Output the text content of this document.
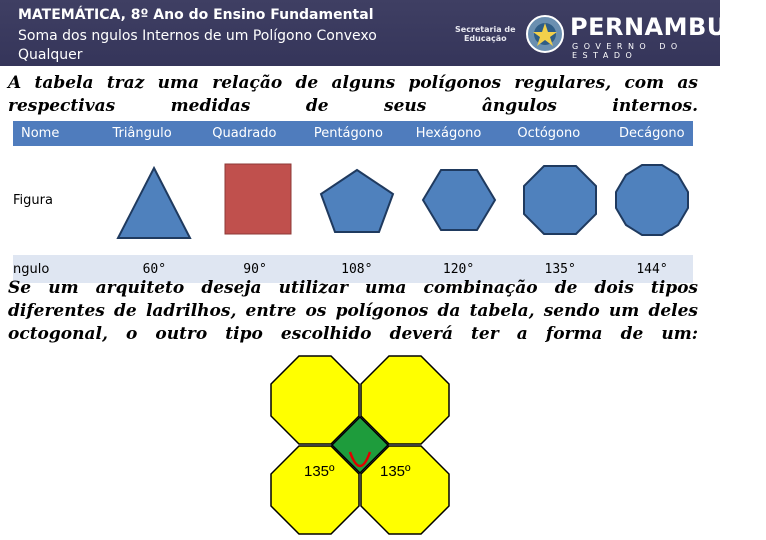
MATEMÁTICA, 8º Ano do Ensino Fundamental
Soma dos ngulos Internos de um Polígono Convexo Qualquer
Secretaria de
Educação	PERNAMBUCO
GOVERNO DO ESTADO
A tabela traz uma relação de alguns polígonos regulares, com as respectivas medidas de seus ângulos internos.
Nome	Triângulo	Quadrado	Pentágono	Hexágono	Octógono	Decágono
Figura						
ngulo	60°	90°	108°	120°	135°	144°
Se um arquiteto deseja utilizar uma combinação de dois tipos diferentes de ladrilhos, entre os polígonos da tabela, sendo um deles octogonal, o outro tipo escolhido deverá ter a forma de um:
135º	135º
